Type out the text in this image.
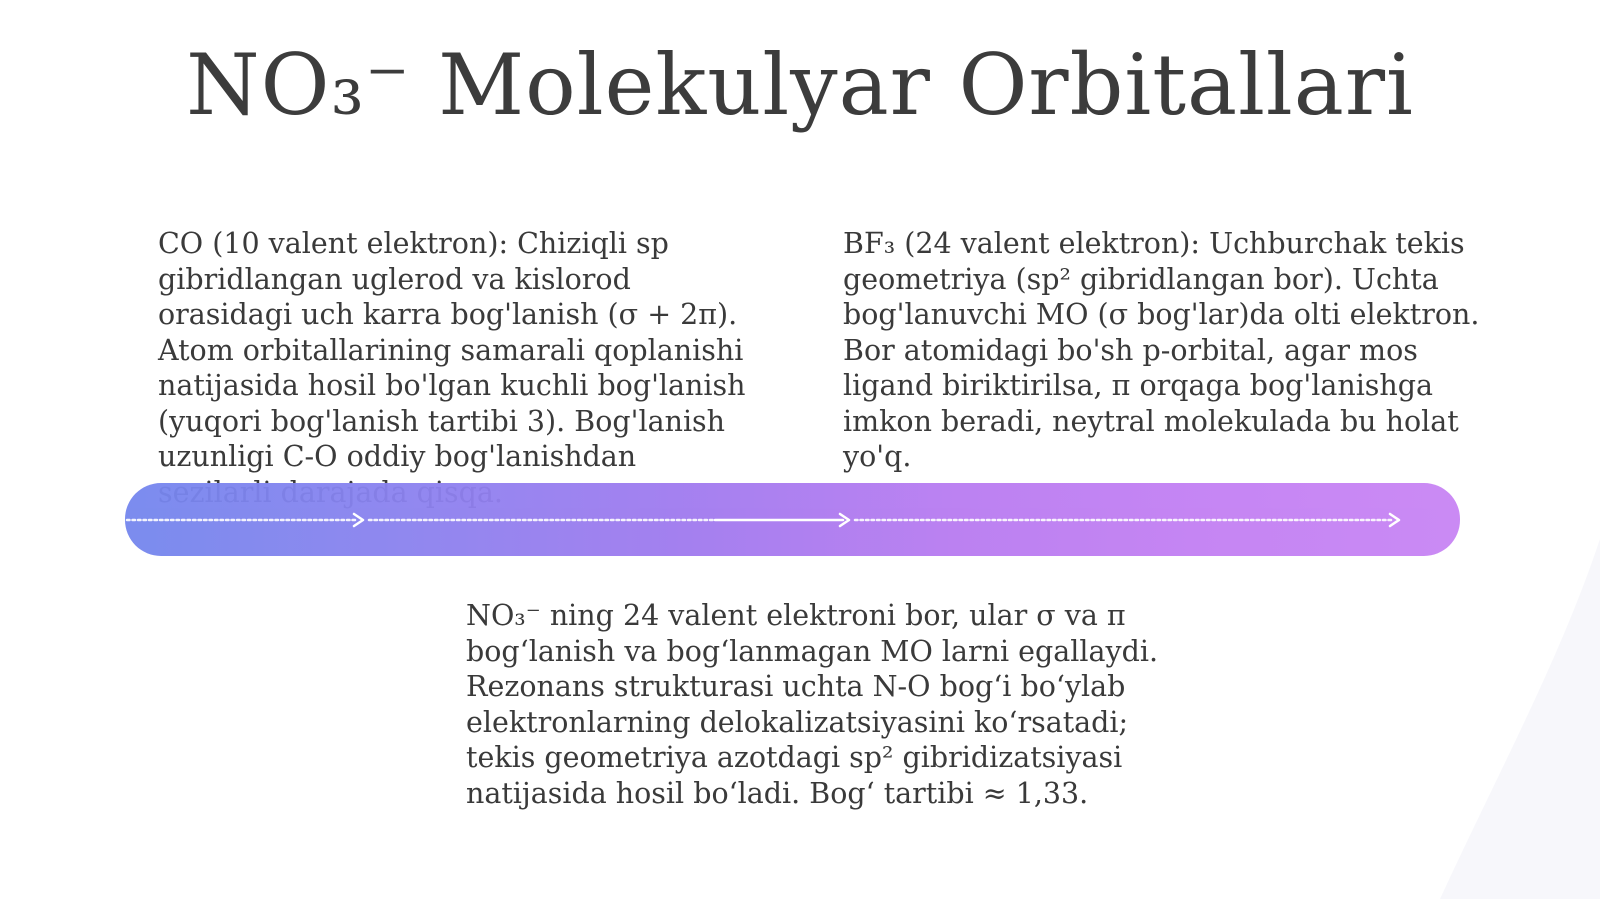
NO₃⁻ Molekulyar Orbitallari

CO (10 valent elektron): Chiziqli sp gibridlangan uglerod va kislorod orasidagi uch karra bog'lanish (σ + 2π). Atom orbitallarining samarali qoplanishi natijasida hosil bo'lgan kuchli bog'lanish (yuqori bog'lanish tartibi 3). Bog'lanish uzunligi C-O oddiy bog'lanishdan

BF₃ (24 valent elektron): Uchburchak tekis geometriya (sp² gibridlangan bor). Uchta bog'lanuvchi MO (σ bog'lar)da olti elektron. Bor atomidagi bo'sh p-orbital, agar mos ligand biriktirilsa, π orqaga bog'lanishga imkon beradi, neytral molekulada bu holat yo'q.

NO₃⁻ ning 24 valent elektroni bor, ular σ va π bog‘lanish va bog‘lanmagan MO larni egallaydi. Rezonans strukturasi uchta N-O bog‘i bo‘ylab elektronlarning delokalizatsiyasini ko‘rsatadi; tekis geometriya azotdagi sp² gibridizatsiyasi natijasida hosil bo‘ladi. Bog‘ tartibi ≈ 1,33.
